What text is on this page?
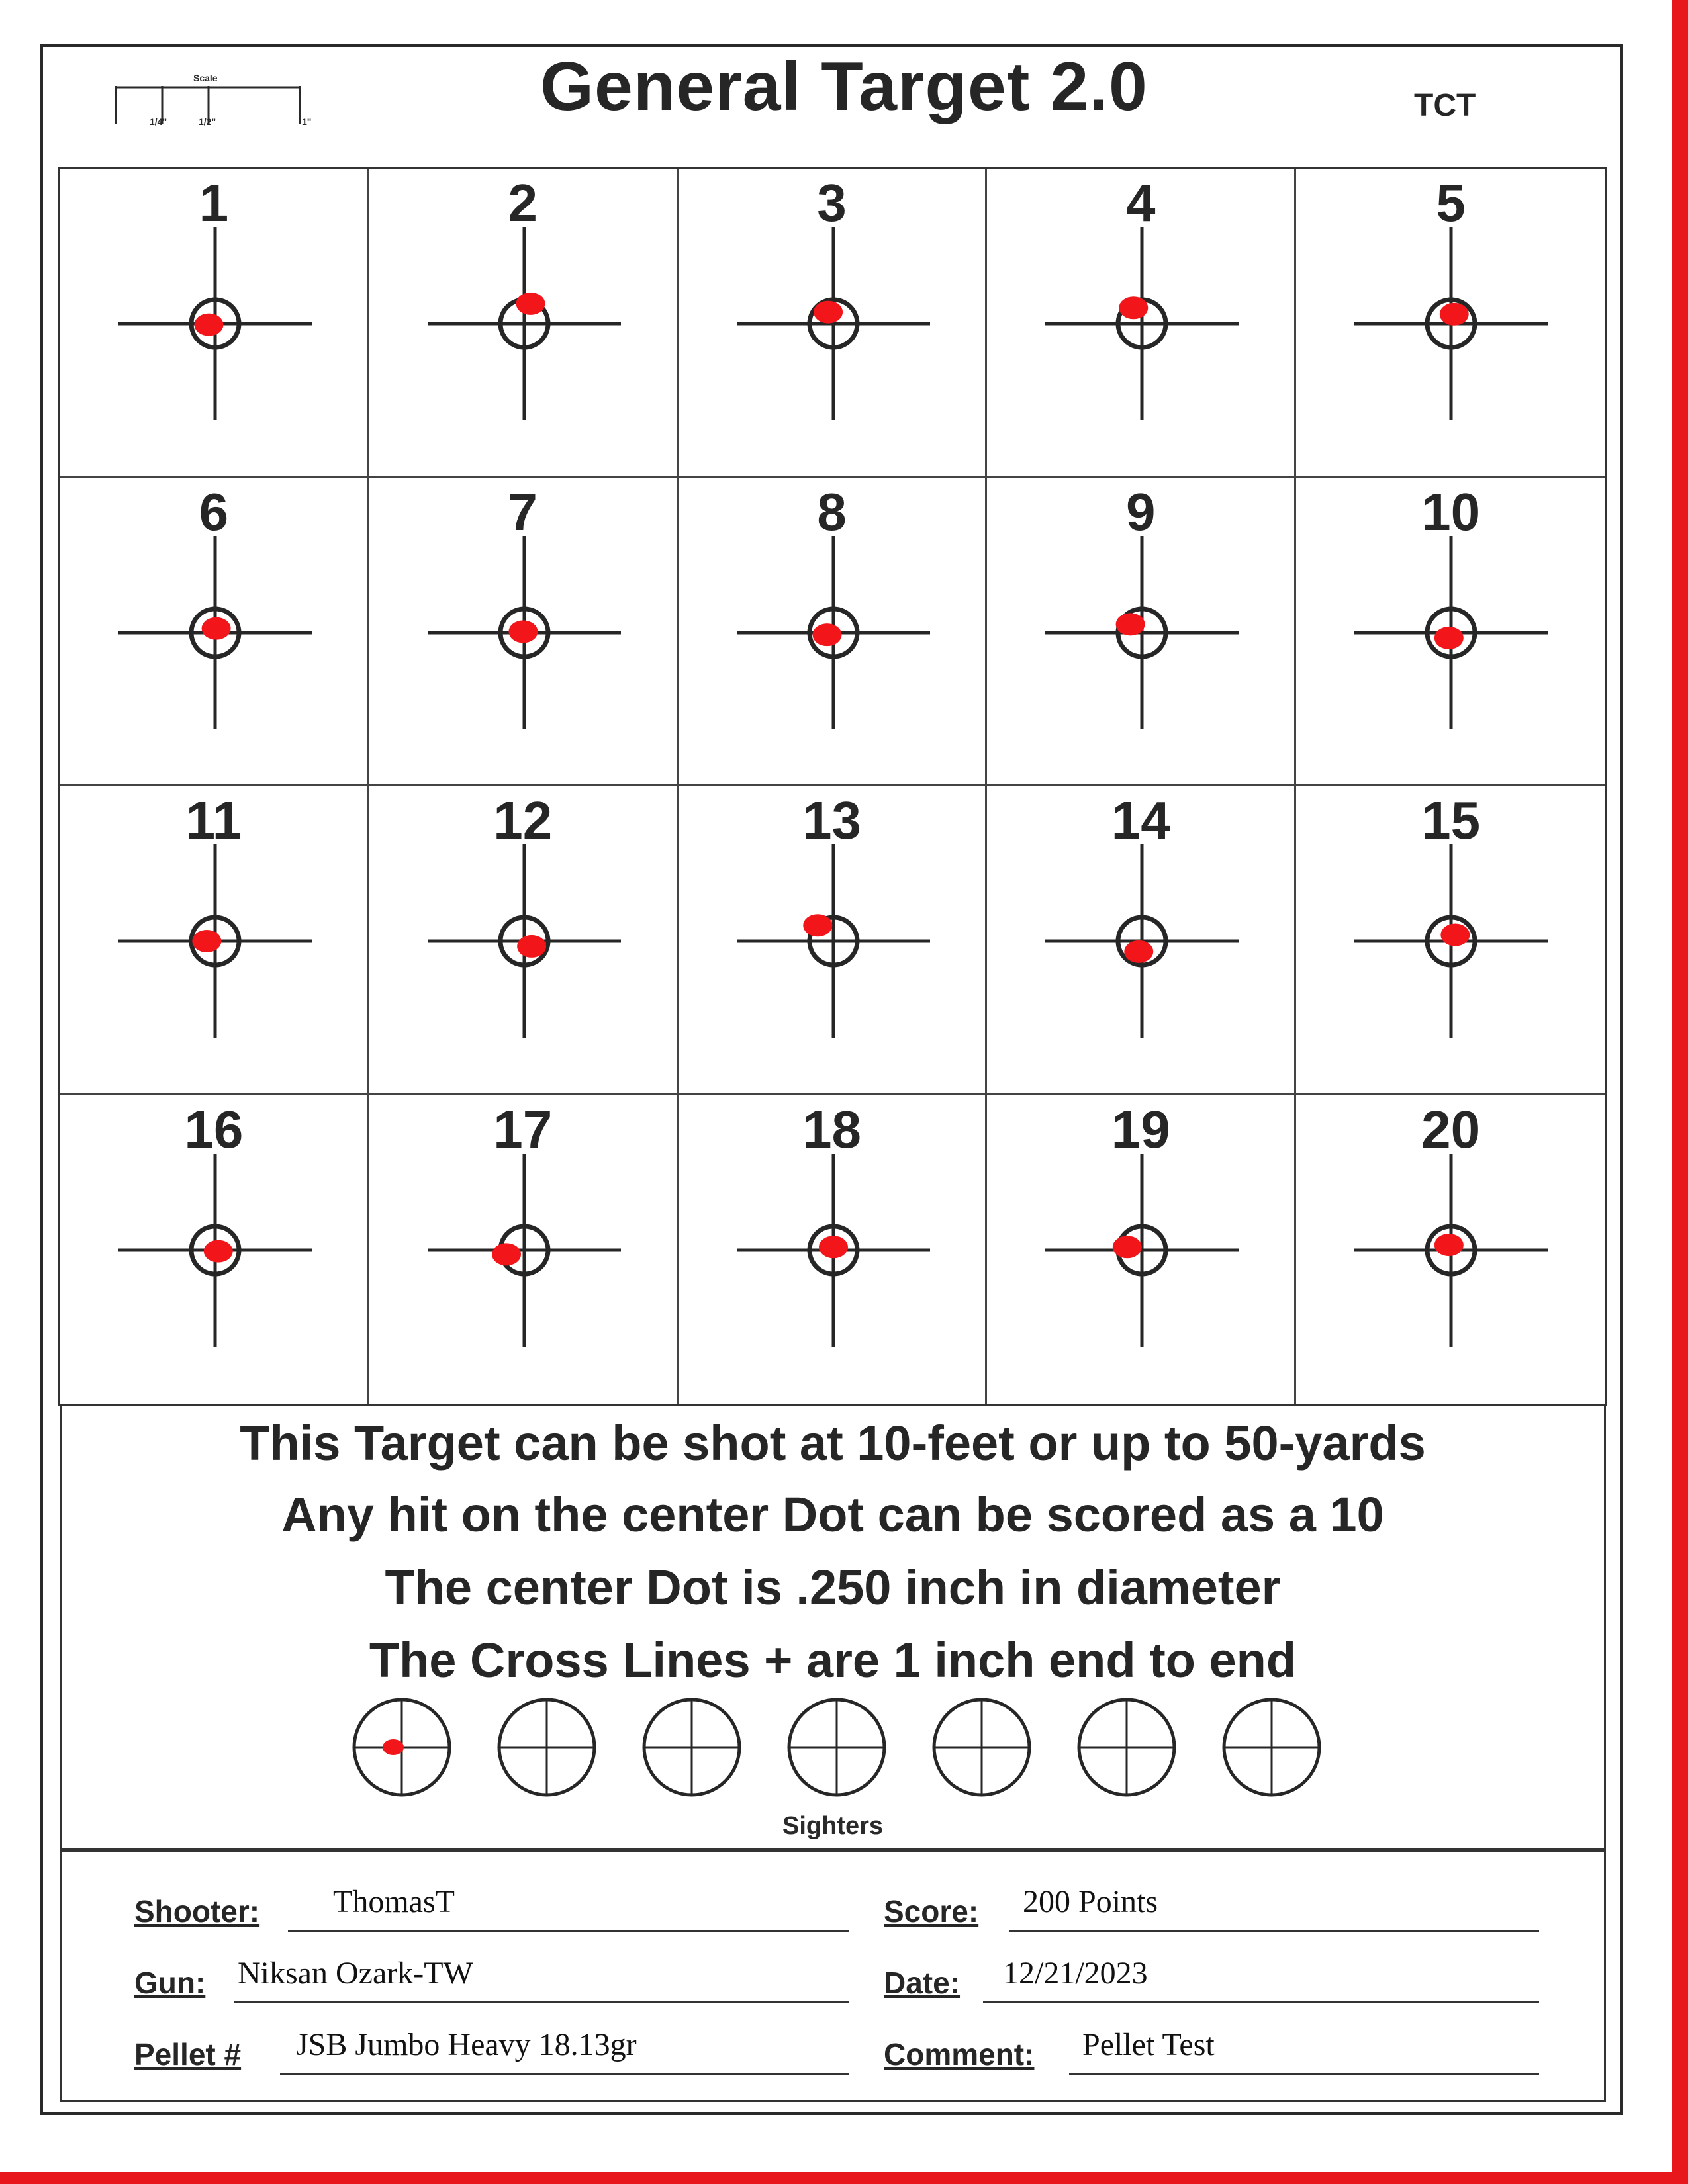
Scale
1/4"	1/2"	1"	General Target 2.0	TCT
1	2	3	4	5
6	7	8	9	10
11	12	13	14	15
16	17	18	19	20
This Target can be shot at 10-feet or up to 50-yards
Any hit on the center Dot can be scored as a 10
The center Dot is .250 inch in diameter
The Cross Lines + are 1 inch end to end
Sighters
Shooter: ThomasT
Gun: Niksan Ozark-TW
Pellet # JSB Jumbo Heavy 18.13gr
Score: 200 Points
Date: 12/21/2023
Comment: Pellet Test
